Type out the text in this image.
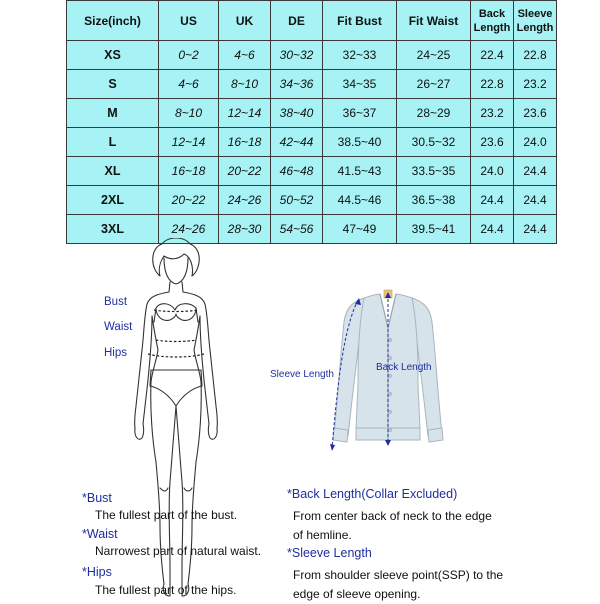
Size(inch)	US	UK	DE	Fit Bust	Fit Waist	Back Length	Sleeve Length
XS	0~2	4~6	30~32	32~33	24~25	22.4	22.8
S	4~6	8~10	34~36	34~35	26~27	22.8	23.2
M	8~10	12~14	38~40	36~37	28~29	23.2	23.6
L	12~14	16~18	42~44	38.5~40	30.5~32	23.6	24.0
XL	16~18	20~22	46~48	41.5~43	33.5~35	24.0	24.4
2XL	20~22	24~26	50~52	44.5~46	36.5~38	24.4	24.4
3XL	24~26	28~30	54~56	47~49	39.5~41	24.4	24.4
Bust
Waist
Hips
Sleeve Length
Back Length
*Bust
The fullest part of the bust.
*Waist
Narrowest part of natural waist.
*Hips
The fullest part of the hips.
*Back Length(Collar Excluded)
From center back of neck to the edge
of hemline.
*Sleeve Length
From shoulder sleeve point(SSP) to the
edge of sleeve opening.
